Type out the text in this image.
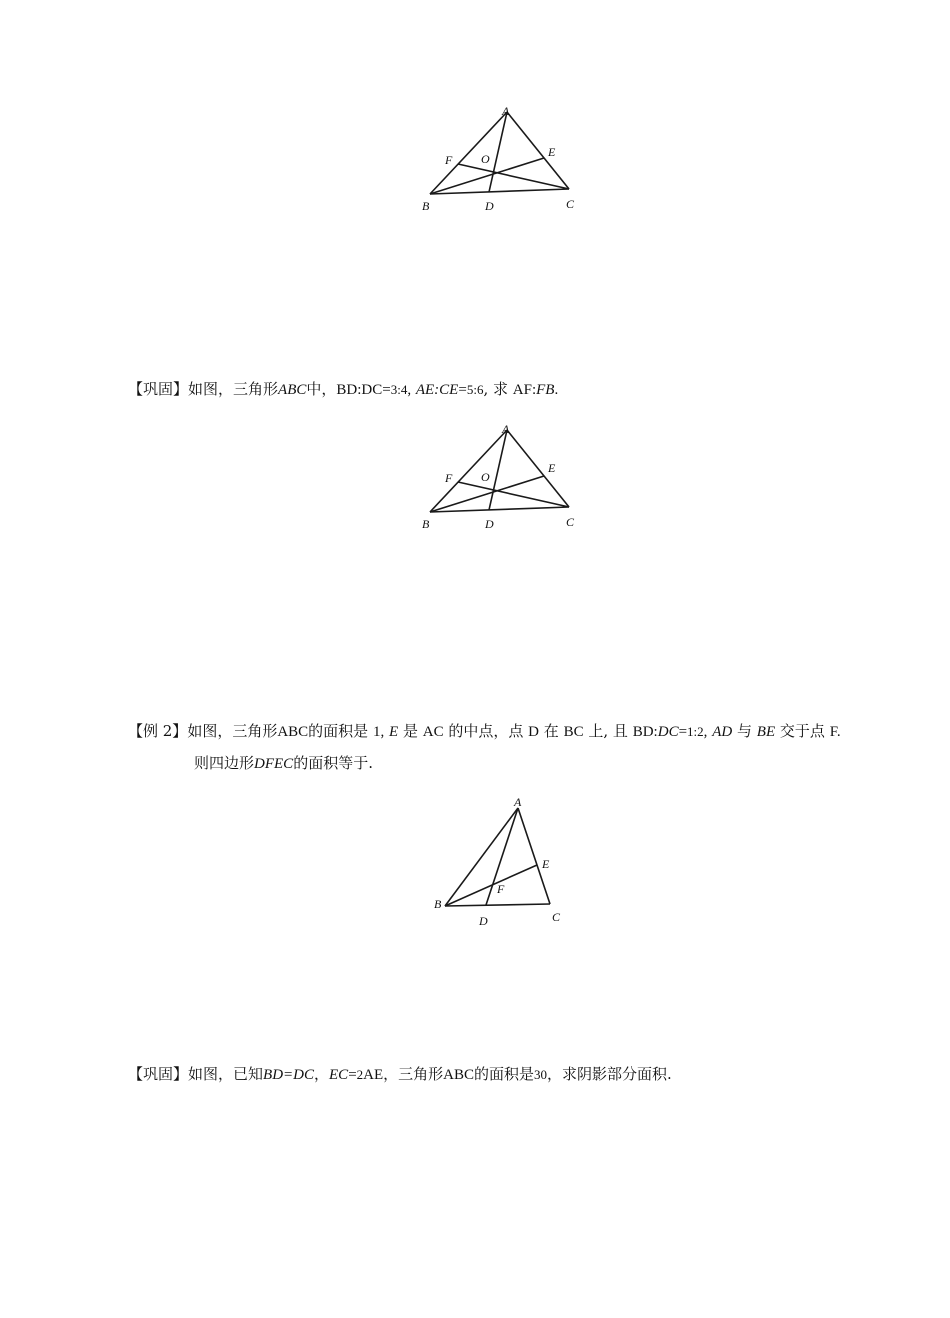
A
B	C
D
E
F O
【巩固】如图，三角形ABC中，BD:DC=3:4, AE:CE=5:6, 求 AF:FB.
A
B	C
D
E
F O
【例 2】如图，三角形ABC的面积是 1, E 是 AC 的中点，点 D 在 BC 上, 且 BD:DC=1:2, AD 与 BE 交于点 F.
则四边形DFEC的面积等于.
A
B
C
D
E
F
【巩固】如图，已知BD=DC，EC=2AE，三角形ABC的面积是30，求阴影部分面积.
